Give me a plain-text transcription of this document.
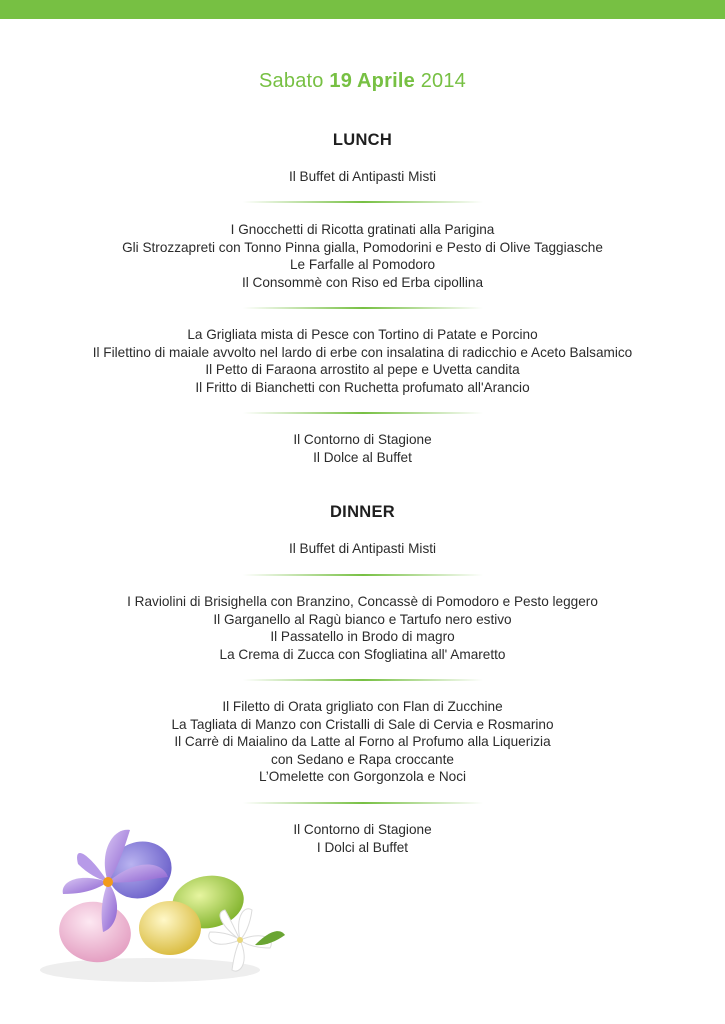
Sabato 19 Aprile 2014
LUNCH
Il Buffet di Antipasti Misti
I Gnocchetti di Ricotta gratinati alla Parigina
Gli Strozzapreti con Tonno Pinna gialla, Pomodorini e Pesto di Olive Taggiasche
Le Farfalle al Pomodoro
Il Consommè con Riso ed Erba cipollina
La Grigliata mista di Pesce con Tortino di Patate e Porcino
Il Filettino di maiale avvolto nel lardo di erbe con insalatina di radicchio e Aceto Balsamico
Il Petto di Faraona arrostito al pepe e Uvetta candita
Il Fritto di Bianchetti con Ruchetta profumato all'Arancio
Il Contorno di Stagione
Il Dolce al Buffet
DINNER
Il Buffet di Antipasti Misti
I Raviolini di Brisighella con Branzino, Concassè di Pomodoro e Pesto leggero
Il Garganello al Ragù bianco e Tartufo nero estivo
Il Passatello in Brodo di magro
La Crema di Zucca con Sfogliatina all' Amaretto
Il Filetto di Orata grigliato con Flan di Zucchine
La Tagliata di Manzo con Cristalli di Sale di Cervia e Rosmarino
Il Carrè di Maialino da Latte al Forno al Profumo alla Liquerizia
con Sedano e Rapa croccante
L’Omelette con Gorgonzola e Noci
Il Contorno di Stagione
I Dolci al Buffet
